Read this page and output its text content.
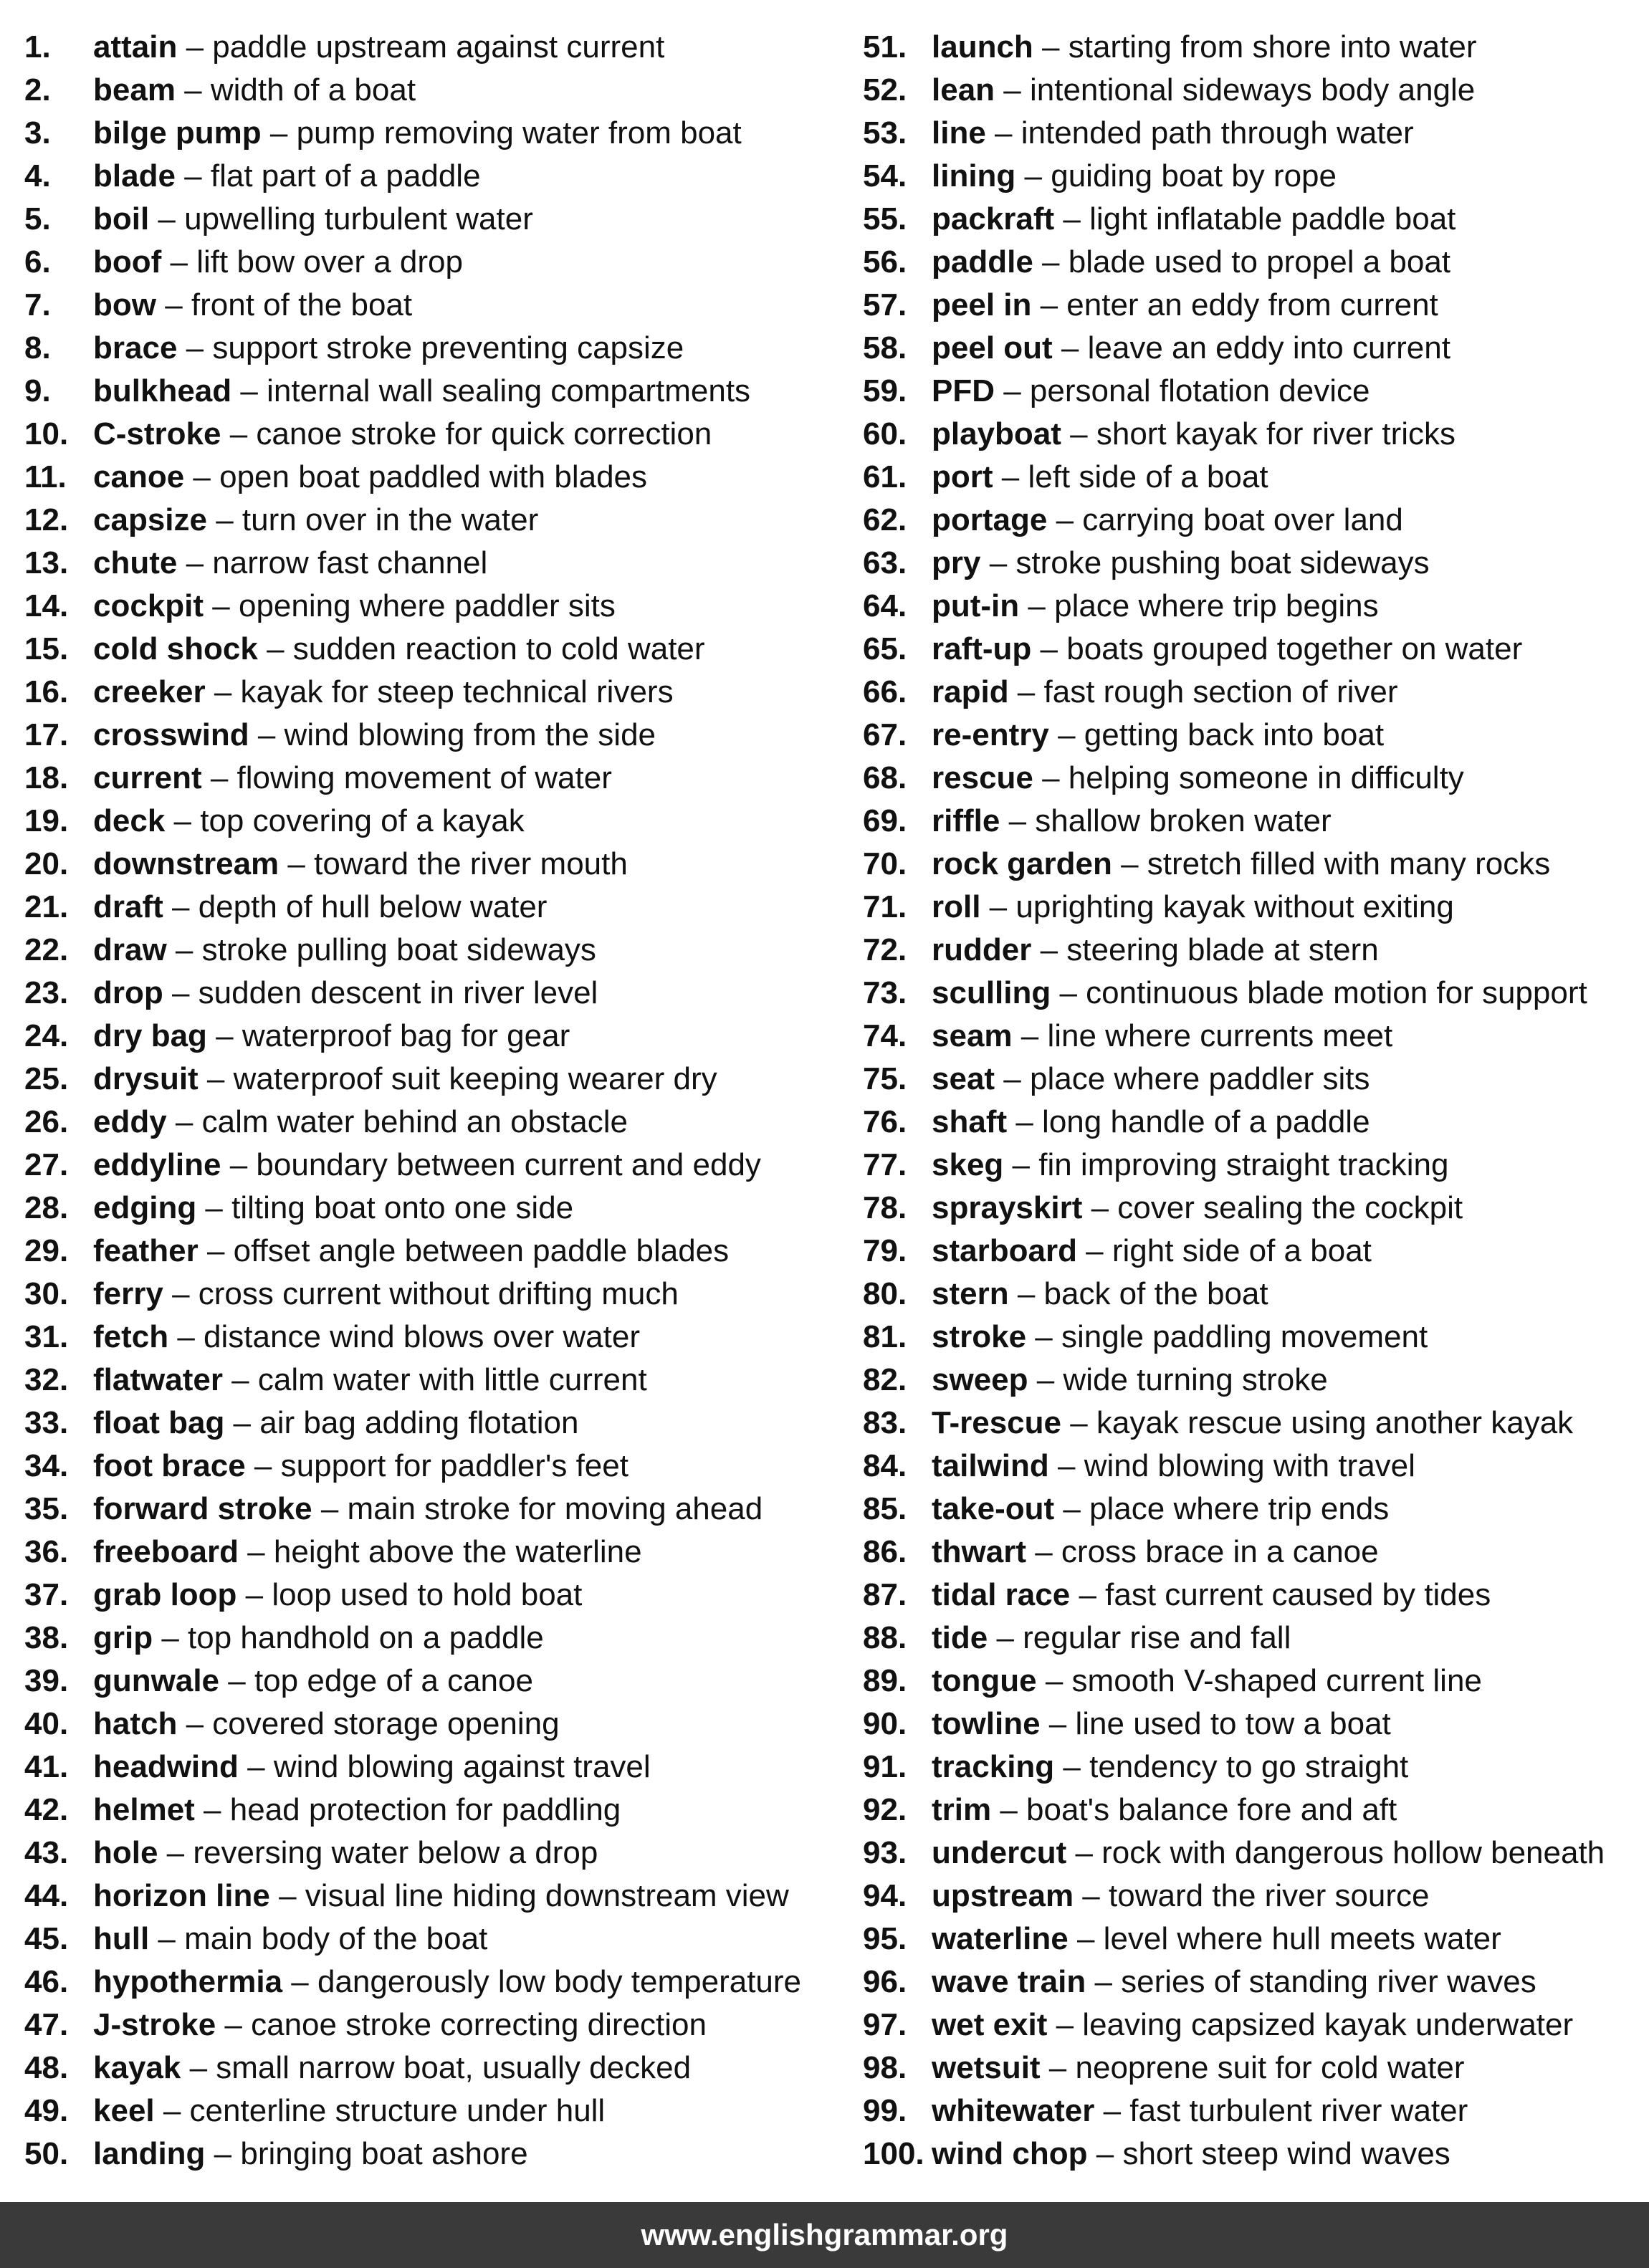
1. attain – paddle upstream against current
2. beam – width of a boat
3. bilge pump – pump removing water from boat
4. blade – flat part of a paddle
5. boil – upwelling turbulent water
6. boof – lift bow over a drop
7. bow – front of the boat
8. brace – support stroke preventing capsize
9. bulkhead – internal wall sealing compartments
10. C-stroke – canoe stroke for quick correction
11. canoe – open boat paddled with blades
12. capsize – turn over in the water
13. chute – narrow fast channel
14. cockpit – opening where paddler sits
15. cold shock – sudden reaction to cold water
16. creeker – kayak for steep technical rivers
17. crosswind – wind blowing from the side
18. current – flowing movement of water
19. deck – top covering of a kayak
20. downstream – toward the river mouth
21. draft – depth of hull below water
22. draw – stroke pulling boat sideways
23. drop – sudden descent in river level
24. dry bag – waterproof bag for gear
25. drysuit – waterproof suit keeping wearer dry
26. eddy – calm water behind an obstacle
27. eddyline – boundary between current and eddy
28. edging – tilting boat onto one side
29. feather – offset angle between paddle blades
30. ferry – cross current without drifting much
31. fetch – distance wind blows over water
32. flatwater – calm water with little current
33. float bag – air bag adding flotation
34. foot brace – support for paddler's feet
35. forward stroke – main stroke for moving ahead
36. freeboard – height above the waterline
37. grab loop – loop used to hold boat
38. grip – top handhold on a paddle
39. gunwale – top edge of a canoe
40. hatch – covered storage opening
41. headwind – wind blowing against travel
42. helmet – head protection for paddling
43. hole – reversing water below a drop
44. horizon line – visual line hiding downstream view
45. hull – main body of the boat
46. hypothermia – dangerously low body temperature
47. J-stroke – canoe stroke correcting direction
48. kayak – small narrow boat, usually decked
49. keel – centerline structure under hull
50. landing – bringing boat ashore
51. launch – starting from shore into water
52. lean – intentional sideways body angle
53. line – intended path through water
54. lining – guiding boat by rope
55. packraft – light inflatable paddle boat
56. paddle – blade used to propel a boat
57. peel in – enter an eddy from current
58. peel out – leave an eddy into current
59. PFD – personal flotation device
60. playboat – short kayak for river tricks
61. port – left side of a boat
62. portage – carrying boat over land
63. pry – stroke pushing boat sideways
64. put-in – place where trip begins
65. raft-up – boats grouped together on water
66. rapid – fast rough section of river
67. re-entry – getting back into boat
68. rescue – helping someone in difficulty
69. riffle – shallow broken water
70. rock garden – stretch filled with many rocks
71. roll – uprighting kayak without exiting
72. rudder – steering blade at stern
73. sculling – continuous blade motion for support
74. seam – line where currents meet
75. seat – place where paddler sits
76. shaft – long handle of a paddle
77. skeg – fin improving straight tracking
78. sprayskirt – cover sealing the cockpit
79. starboard – right side of a boat
80. stern – back of the boat
81. stroke – single paddling movement
82. sweep – wide turning stroke
83. T-rescue – kayak rescue using another kayak
84. tailwind – wind blowing with travel
85. take-out – place where trip ends
86. thwart – cross brace in a canoe
87. tidal race – fast current caused by tides
88. tide – regular rise and fall
89. tongue – smooth V-shaped current line
90. towline – line used to tow a boat
91. tracking – tendency to go straight
92. trim – boat's balance fore and aft
93. undercut – rock with dangerous hollow beneath
94. upstream – toward the river source
95. waterline – level where hull meets water
96. wave train – series of standing river waves
97. wet exit – leaving capsized kayak underwater
98. wetsuit – neoprene suit for cold water
99. whitewater – fast turbulent river water
100. wind chop – short steep wind waves
www.englishgrammar.org
